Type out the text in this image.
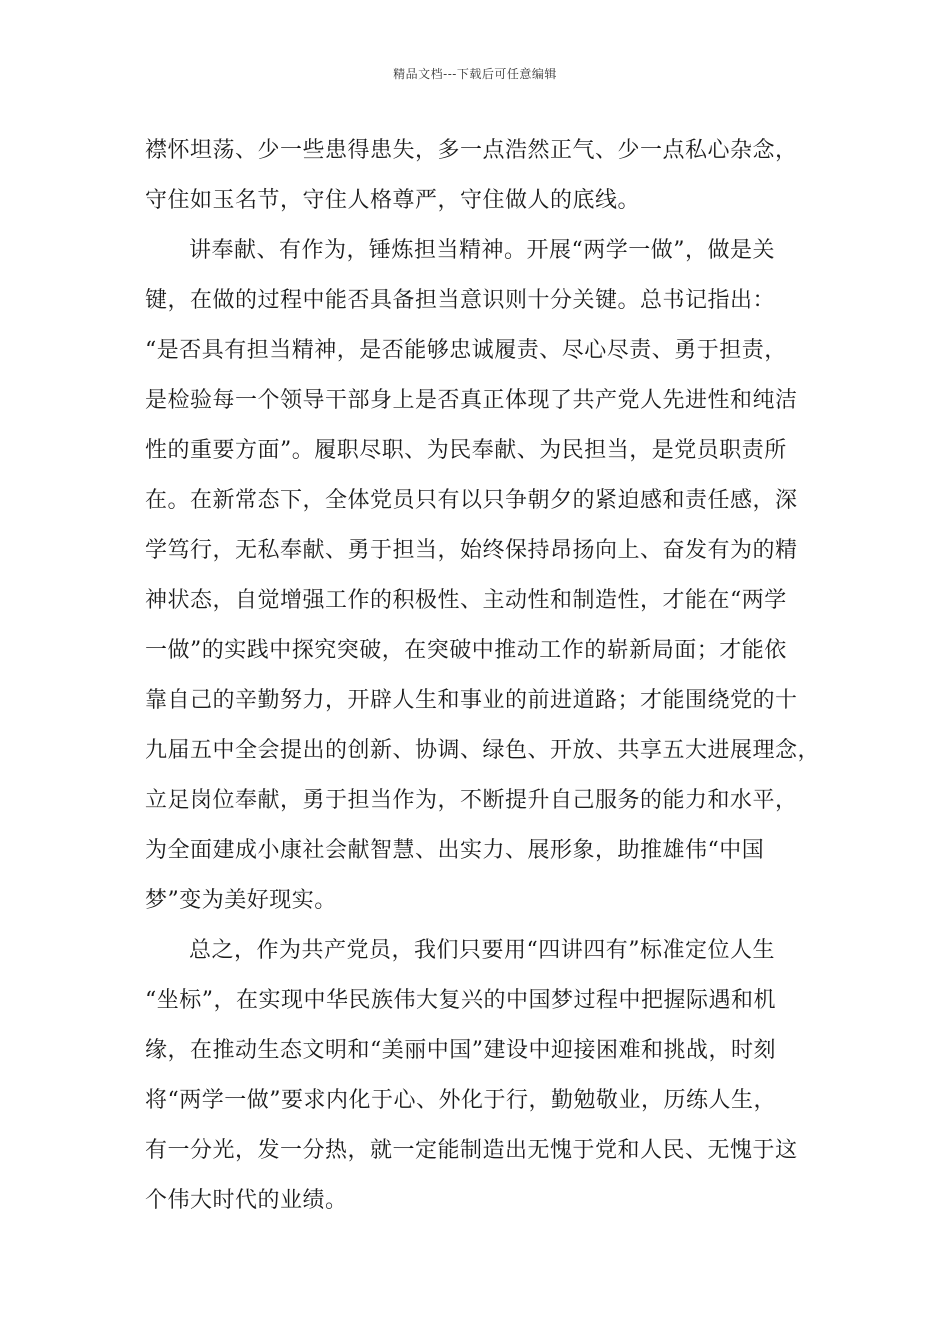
精品文档---下载后可任意编辑
襟怀坦荡、少一些患得患失，多一点浩然正气、少一点私心杂念，
守住如玉名节，守住人格尊严，守住做人的底线。
讲奉献、有作为，锤炼担当精神。开展“两学一做”，做是关
键，在做的过程中能否具备担当意识则十分关键。总书记指出：
“是否具有担当精神，是否能够忠诚履责、尽心尽责、勇于担责，
是检验每一个领导干部身上是否真正体现了共产党人先进性和纯洁
性的重要方面”。履职尽职、为民奉献、为民担当，是党员职责所
在。在新常态下，全体党员只有以只争朝夕的紧迫感和责任感，深
学笃行，无私奉献、勇于担当，始终保持昂扬向上、奋发有为的精
神状态，自觉增强工作的积极性、主动性和制造性，才能在“两学
一做”的实践中探究突破，在突破中推动工作的崭新局面；才能依
靠自己的辛勤努力，开辟人生和事业的前进道路；才能围绕党的十
九届五中全会提出的创新、协调、绿色、开放、共享五大进展理念，
立足岗位奉献，勇于担当作为，不断提升自己服务的能力和水平，
为全面建成小康社会献智慧、出实力、展形象，助推雄伟“中国
梦”变为美好现实。
总之，作为共产党员，我们只要用“四讲四有”标准定位人生
“坐标”，在实现中华民族伟大复兴的中国梦过程中把握际遇和机
缘，在推动生态文明和“美丽中国”建设中迎接困难和挑战，时刻
将“两学一做”要求内化于心、外化于行，勤勉敬业，历练人生，
有一分光，发一分热，就一定能制造出无愧于党和人民、无愧于这
个伟大时代的业绩。
